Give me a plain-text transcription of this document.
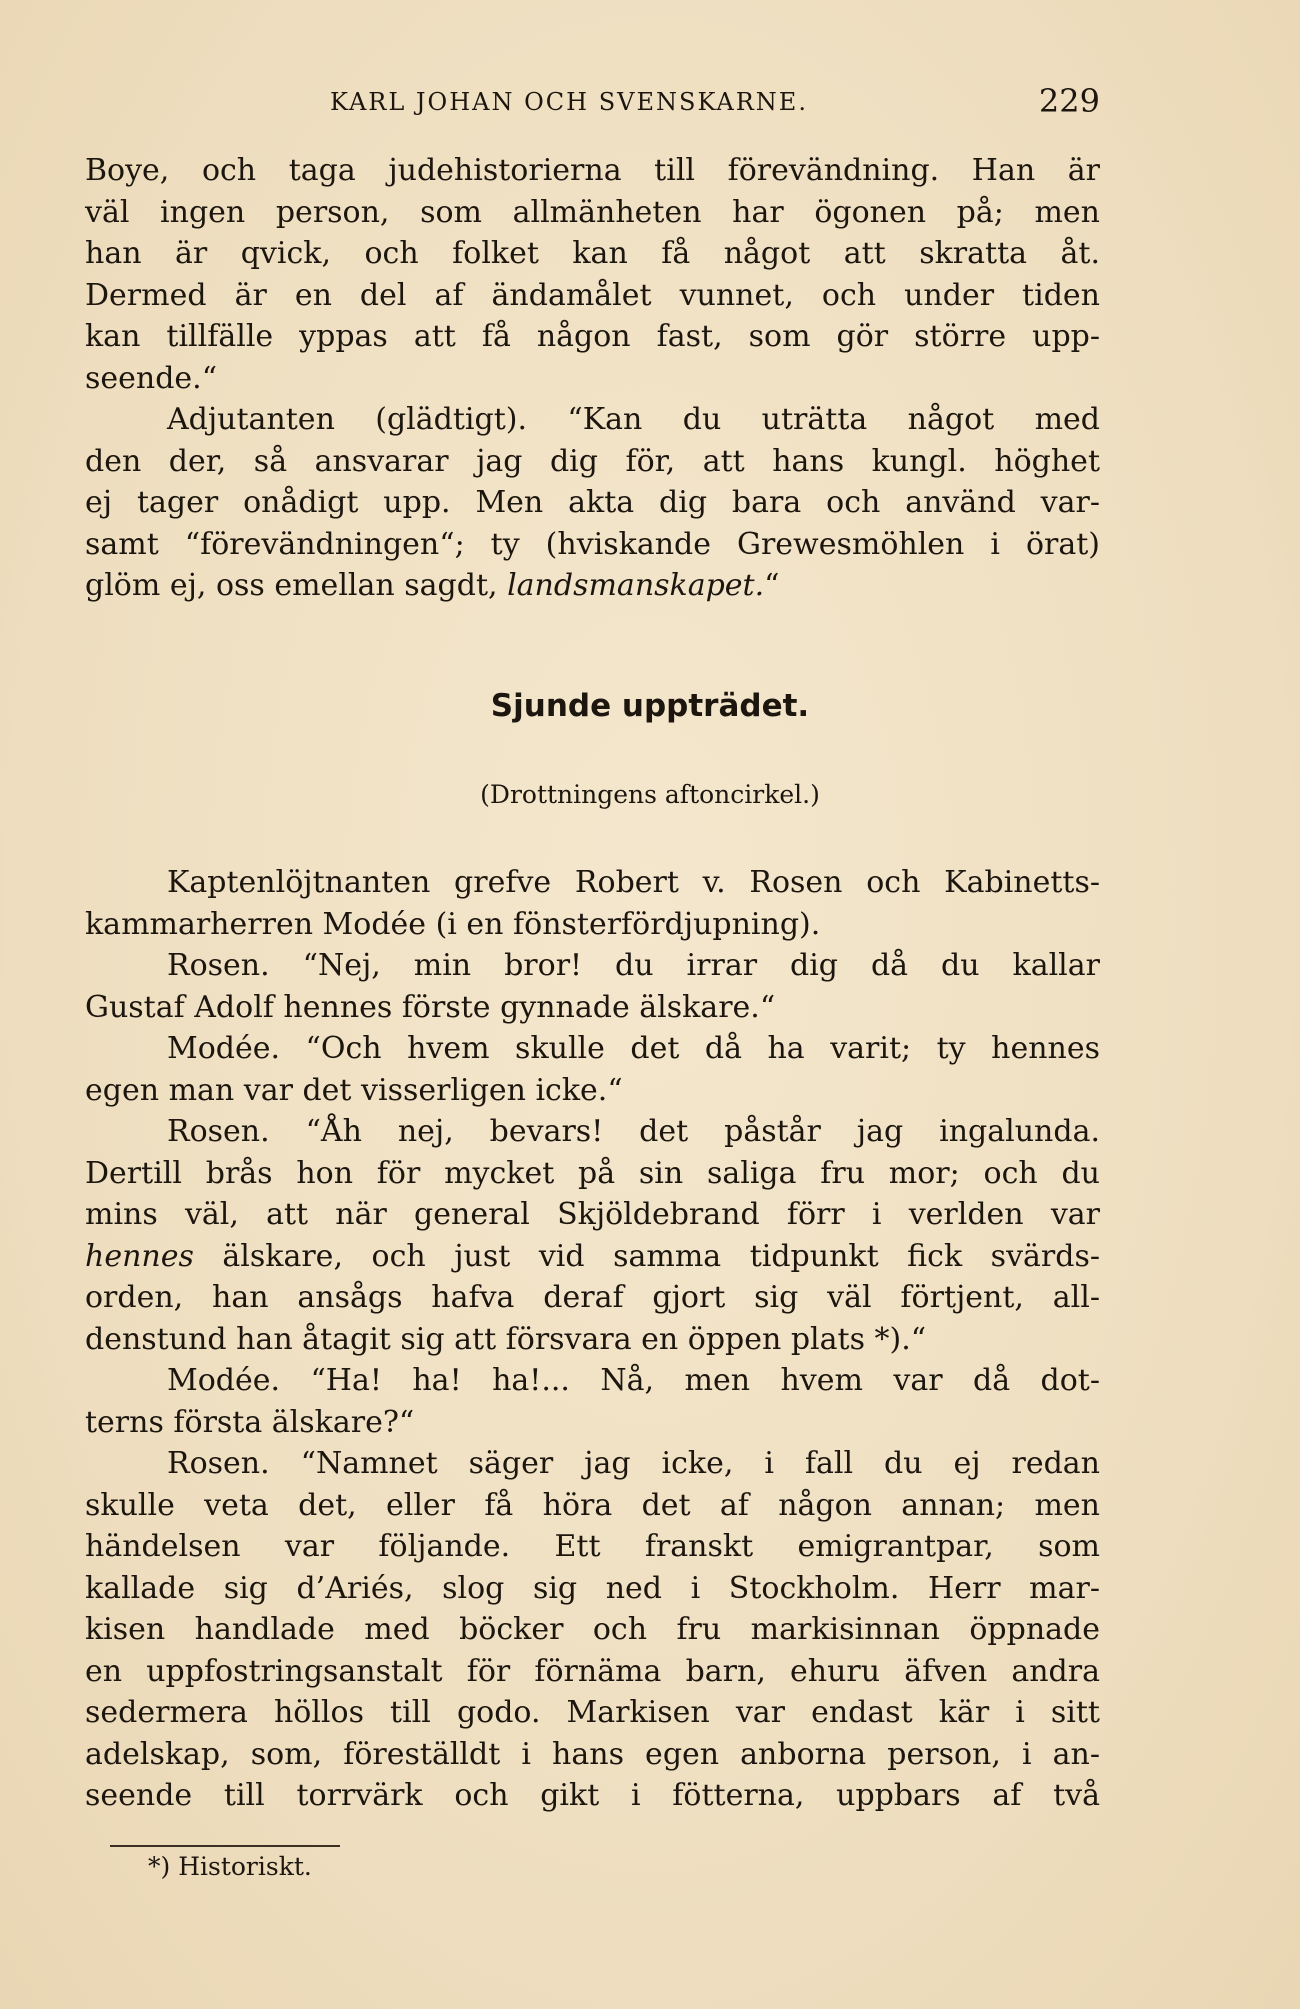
KARL JOHAN OCH SVENSKARNE.	229
Boye, och taga judehistorierna till förevändning. Han är
väl ingen person, som allmänheten har ögonen på; men
han är qvick, och folket kan få något att skratta åt.
Dermed är en del af ändamålet vunnet, och under tiden
kan tillfälle yppas att få någon fast, som gör större upp-
seende.“
Adjutanten (glädtigt). “Kan du uträtta något med
den der, så ansvarar jag dig för, att hans kungl. höghet
ej tager onådigt upp. Men akta dig bara och använd var-
samt “förevändningen“; ty (hviskande Grewesmöhlen i örat)
glöm ej, oss emellan sagdt, landsmanskapet.“
Sjunde uppträdet.
(Drottningens aftoncirkel.)
Kaptenlöjtnanten grefve Robert v. Rosen och Kabinetts-
kammarherren Modée (i en fönsterfördjupning).
Rosen. “Nej, min bror! du irrar dig då du kallar
Gustaf Adolf hennes förste gynnade älskare.“
Modée. “Och hvem skulle det då ha varit; ty hennes
egen man var det visserligen icke.“
Rosen. “Åh nej, bevars! det påstår jag ingalunda.
Dertill brås hon för mycket på sin saliga fru mor; och du
mins väl, att när general Skjöldebrand förr i verlden var
hennes älskare, och just vid samma tidpunkt fick svärds-
orden, han ansågs hafva deraf gjort sig väl förtjent, all-
denstund han åtagit sig att försvara en öppen plats *).“
Modée. “Ha! ha! ha!... Nå, men hvem var då dot-
terns första älskare?“
Rosen. “Namnet säger jag icke, i fall du ej redan
skulle veta det, eller få höra det af någon annan; men
händelsen var följande. Ett franskt emigrantpar, som
kallade sig d’Ariés, slog sig ned i Stockholm. Herr mar-
kisen handlade med böcker och fru markisinnan öppnade
en uppfostringsanstalt för förnäma barn, ehuru äfven andra
sedermera höllos till godo. Markisen var endast kär i sitt
adelskap, som, föreställdt i hans egen anborna person, i an-
seende till torrvärk och gikt i fötterna, uppbars af två
*) Historiskt.
